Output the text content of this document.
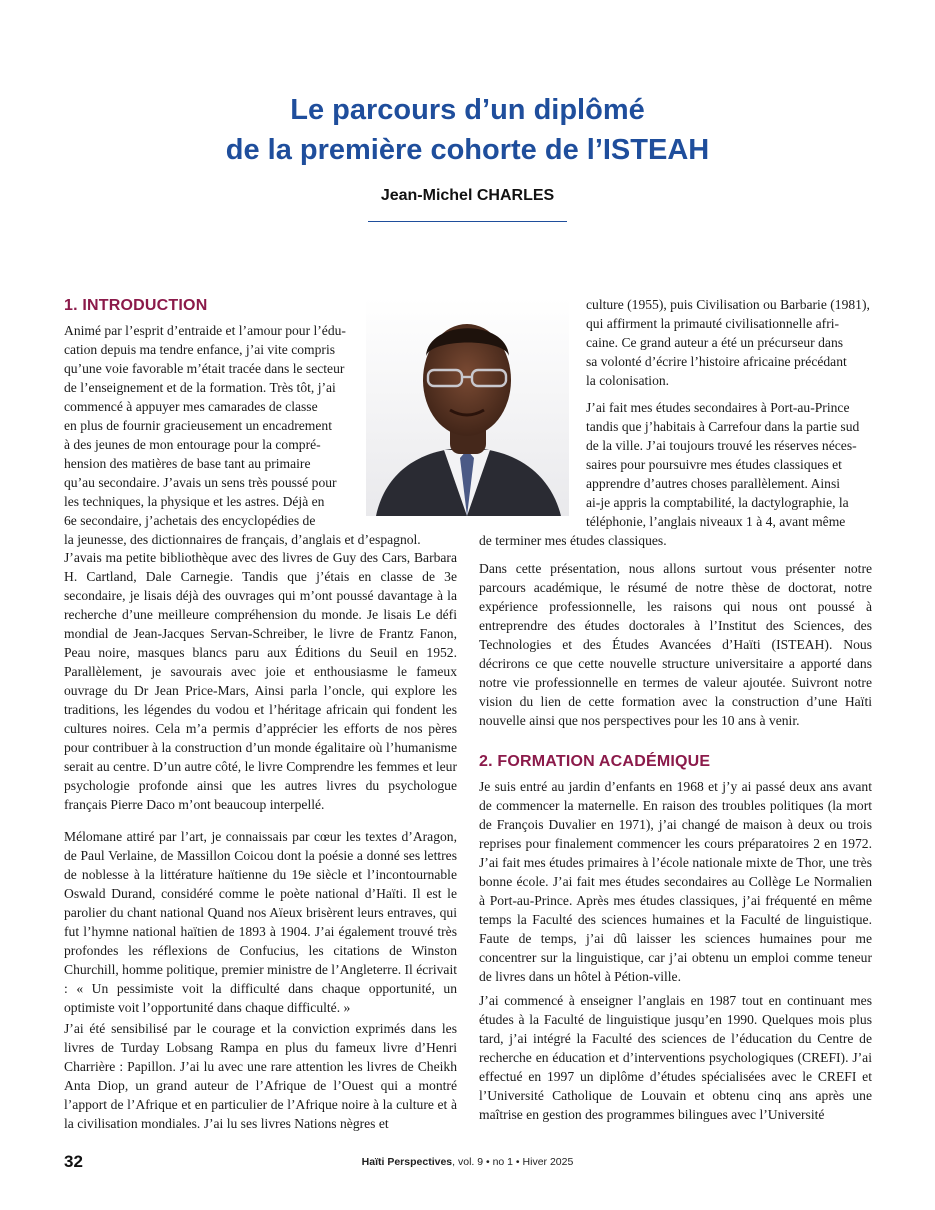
Le parcours d’un diplômé
de la première cohorte de l’ISTEAH
Jean-Michel CHARLES
1. INTRODUCTION
Animé par l’esprit d’entraide et l’amour pour l’édu-
cation depuis ma tendre enfance, j’ai vite compris
qu’une voie favorable m’était tracée dans le secteur
de l’enseignement et de la formation. Très tôt, j’ai
commencé à appuyer mes camarades de classe
en plus de fournir gracieusement un encadrement
à des jeunes de mon entourage pour la compré-
hension des matières de base tant au primaire
qu’au secondaire. J’avais un sens très poussé pour
les techniques, la physique et les astres. Déjà en
6e secondaire, j’achetais des encyclopédies de
la jeunesse, des dictionnaires de français, d’anglais et d’espagnol.

J’avais ma petite bibliothèque avec des livres de Guy des Cars, Barbara H. Cartland, Dale Carnegie. Tandis que j’étais en classe de 3e secondaire, je lisais déjà des ouvrages qui m’ont poussé davantage à la recherche d’une meilleure compréhension du monde. Je lisais Le défi mondial de Jean-Jacques Servan-Schreiber, le livre de Frantz Fanon, Peau noire, masques blancs paru aux Éditions du Seuil en 1952. Parallèlement, je savourais avec joie et enthousiasme le fameux ouvrage du Dr Jean Price-Mars, Ainsi parla l’oncle, qui explore les traditions, les légendes du vodou et l’héritage africain qui fondent les cultures noires. Cela m’a permis d’apprécier les efforts de nos pères pour contribuer à la construction d’un monde égalitaire où l’humanisme serait au centre. D’un autre côté, le livre Comprendre les femmes et leur psychologie profonde ainsi que les autres livres du psychologue français Pierre Daco m’ont beaucoup interpellé.

Mélomane attiré par l’art, je connaissais par cœur les textes d’Aragon, de Paul Verlaine, de Massillon Coicou dont la poésie a donné ses lettres de noblesse à la littérature haïtienne du 19e siècle et l’incontournable Oswald Durand, considéré comme le poète national d’Haïti. Il est le parolier du chant national Quand nos Aïeux brisèrent leurs entraves, qui fut l’hymne national haïtien de 1893 à 1904. J’ai également trouvé très profondes les réflexions de Confucius, les citations de Winston Churchill, homme politique, premier ministre de l’Angleterre. Il écrivait : « Un pessimiste voit la difficulté dans chaque opportunité, un optimiste voit l’opportunité dans chaque difficulté. »

J’ai été sensibilisé par le courage et la conviction exprimés dans les livres de Turday Lobsang Rampa en plus du fameux livre d’Henri Charrière : Papillon. J’ai lu avec une rare attention les livres de Cheikh Anta Diop, un grand auteur de l’Afrique de l’Ouest qui a montré l’apport de l’Afrique et en particulier de l’Afrique noire à la culture et à la civilisation mondiales. J’ai lu ses livres Nations nègres et

culture (1955), puis Civilisation ou Barbarie (1981),
qui affirment la primauté civilisationnelle afri-
caine. Ce grand auteur a été un précurseur dans
sa volonté d’écrire l’histoire africaine précédant
la colonisation.
J’ai fait mes études secondaires à Port-au-Prince
tandis que j’habitais à Carrefour dans la partie sud
de la ville. J’ai toujours trouvé les réserves néces-
saires pour poursuivre mes études classiques et
apprendre d’autres choses parallèlement. Ainsi
ai-je appris la comptabilité, la dactylographie, la
téléphonie, l’anglais niveaux 1 à 4, avant même
de terminer mes études classiques.

Dans cette présentation, nous allons surtout vous présenter notre parcours académique, le résumé de notre thèse de doctorat, notre expérience professionnelle, les raisons qui nous ont poussé à entreprendre des études doctorales à l’Institut des Sciences, des Technologies et des Études Avancées d’Haïti (ISTEAH). Nous décrirons ce que cette nouvelle structure universitaire a apporté dans notre vie professionnelle en termes de valeur ajoutée. Suivront notre vision du lien de cette formation avec la construction d’une Haïti nouvelle ainsi que nos perspectives pour les 10 ans à venir.

2. FORMATION ACADÉMIQUE

Je suis entré au jardin d’enfants en 1968 et j’y ai passé deux ans avant de commencer la maternelle. En raison des troubles politiques (la mort de François Duvalier en 1971), j’ai changé de maison à deux ou trois reprises pour finalement commencer les cours préparatoires 2 en 1972. J’ai fait mes études primaires à l’école nationale mixte de Thor, une très bonne école. J’ai fait mes études secondaires au Collège Le Normalien à Port-au-Prince. Après mes études classiques, j’ai fréquenté en même temps la Faculté des sciences humaines et la Faculté de linguistique. Faute de temps, j’ai dû laisser les sciences humaines pour me concentrer sur la linguistique, car j’ai obtenu un emploi comme teneur de livres dans un hôtel à Pétion-ville.

J’ai commencé à enseigner l’anglais en 1987 tout en continuant mes études à la Faculté de linguistique jusqu’en 1990. Quelques mois plus tard, j’ai intégré la Faculté des sciences de l’éducation du Centre de recherche en éducation et d’interventions psychologiques (CREFI). J’ai effectué en 1997 un diplôme d’études spécialisées avec le CREFI et l’Université Catholique de Louvain et obtenu cinq ans après une maîtrise en gestion des programmes bilingues avec l’Université

32	Haïti Perspectives, vol. 9 • no 1 • Hiver 2025
